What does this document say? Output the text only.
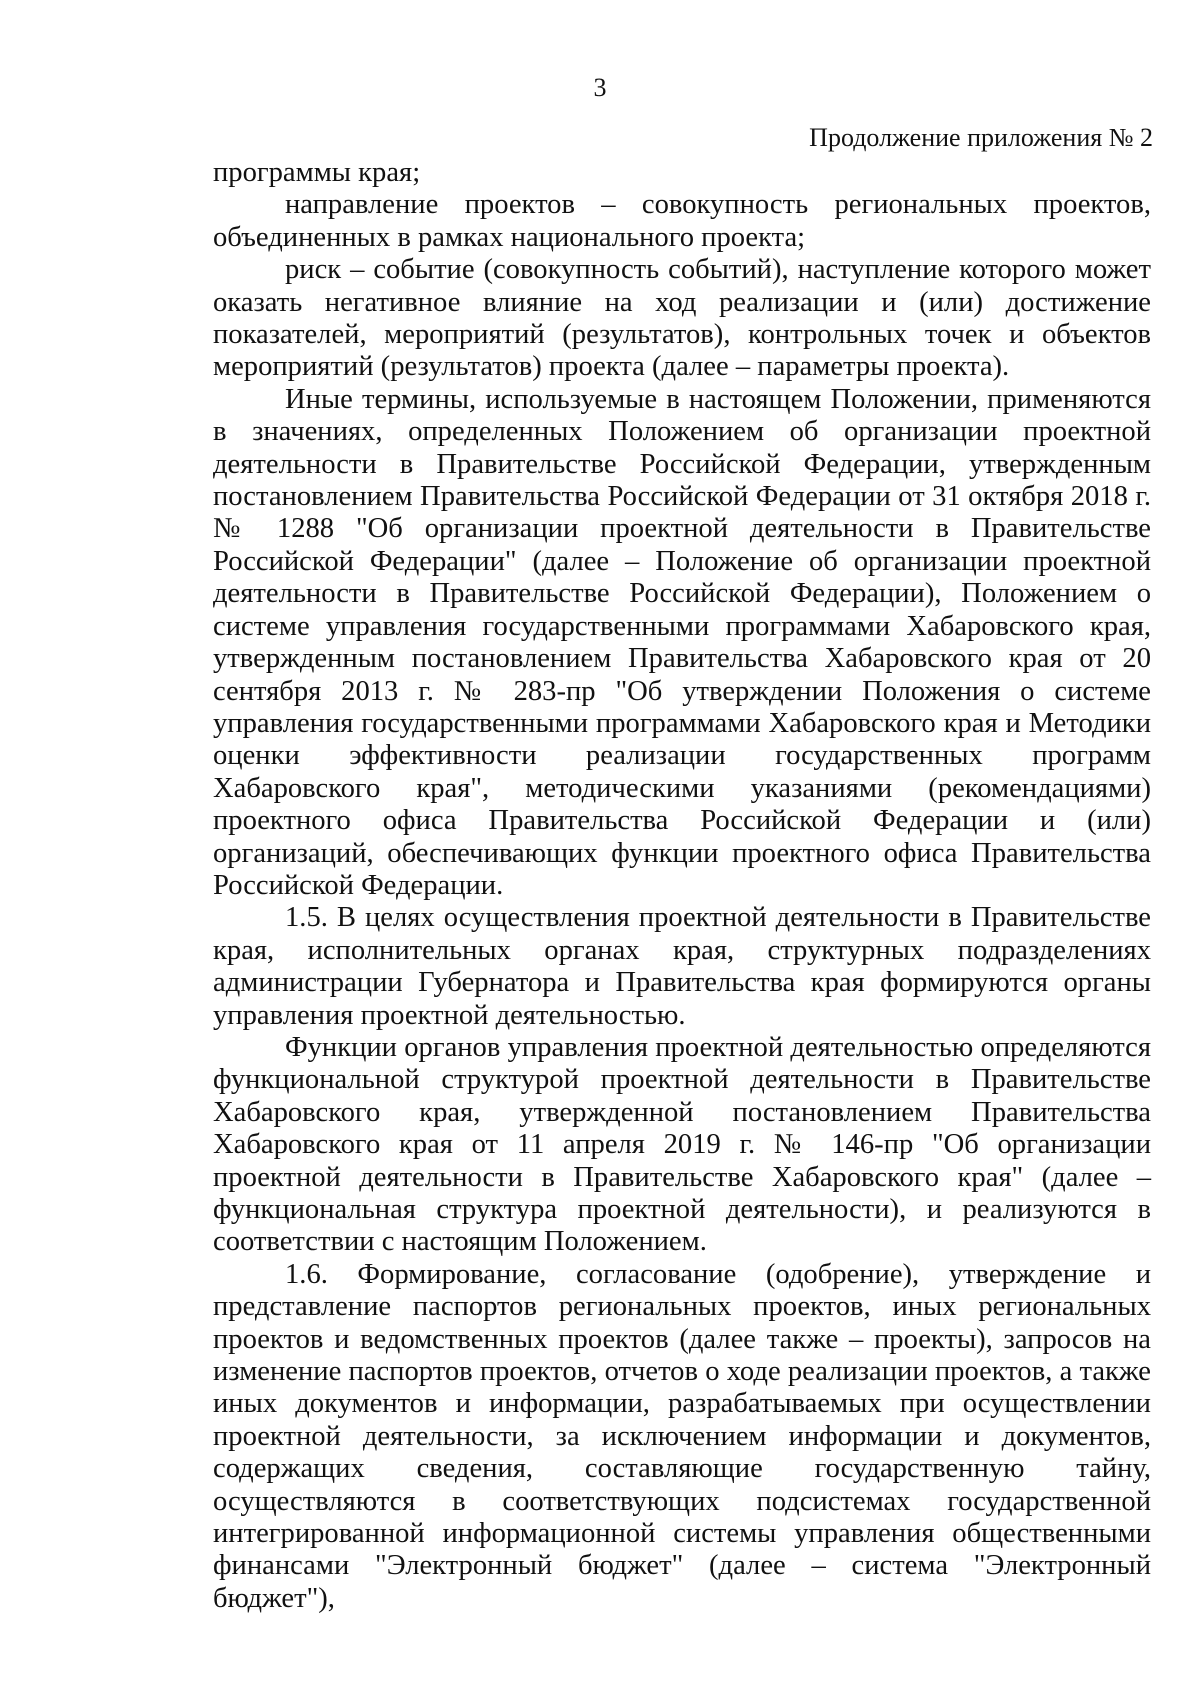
3
Продолжение приложения № 2

программы края;

направление проектов – совокупность региональных проектов, объединенных в рамках национального проекта;

риск – событие (совокупность событий), наступление которого может оказать негативное влияние на ход реализации и (или) достижение показателей, мероприятий (результатов), контрольных точек и объектов мероприятий (результатов) проекта (далее – параметры проекта).

Иные термины, используемые в настоящем Положении, применяются в значениях, определенных Положением об организации проектной деятельности в Правительстве Российской Федерации, утвержденным постановлением Правительства Российской Федерации от 31 октября 2018 г. № 1288 "Об организации проектной деятельности в Правительстве Российской Федерации" (далее – Положение об организации проектной деятельности в Правительстве Российской Федерации), Положением о системе управления государственными программами Хабаровского края, утвержденным постановлением Правительства Хабаровского края от 20 сентября 2013 г. № 283-пр "Об утверждении Положения о системе управления государственными программами Хабаровского края и Методики оценки эффективности реализации государственных программ Хабаровского края", методическими указаниями (рекомендациями) проектного офиса Правительства Российской Федерации и (или) организаций, обеспечивающих функции проектного офиса Правительства Российской Федерации.

1.5. В целях осуществления проектной деятельности в Правительстве края, исполнительных органах края, структурных подразделениях администрации Губернатора и Правительства края формируются органы управления проектной деятельностью.

Функции органов управления проектной деятельностью определяются функциональной структурой проектной деятельности в Правительстве Хабаровского края, утвержденной постановлением Правительства Хабаровского края от 11 апреля 2019 г. № 146-пр "Об организации проектной деятельности в Правительстве Хабаровского края" (далее – функциональная структура проектной деятельности), и реализуются в соответствии с настоящим Положением.

1.6. Формирование, согласование (одобрение), утверждение и представление паспортов региональных проектов, иных региональных проектов и ведомственных проектов (далее также – проекты), запросов на изменение паспортов проектов, отчетов о ходе реализации проектов, а также иных документов и информации, разрабатываемых при осуществлении проектной деятельности, за исключением информации и документов, содержащих сведения, составляющие государственную тайну, осуществляются в соответствующих подсистемах государственной интегрированной информационной системы управления общественными финансами "Электронный бюджет" (далее – система "Электронный бюджет"),
